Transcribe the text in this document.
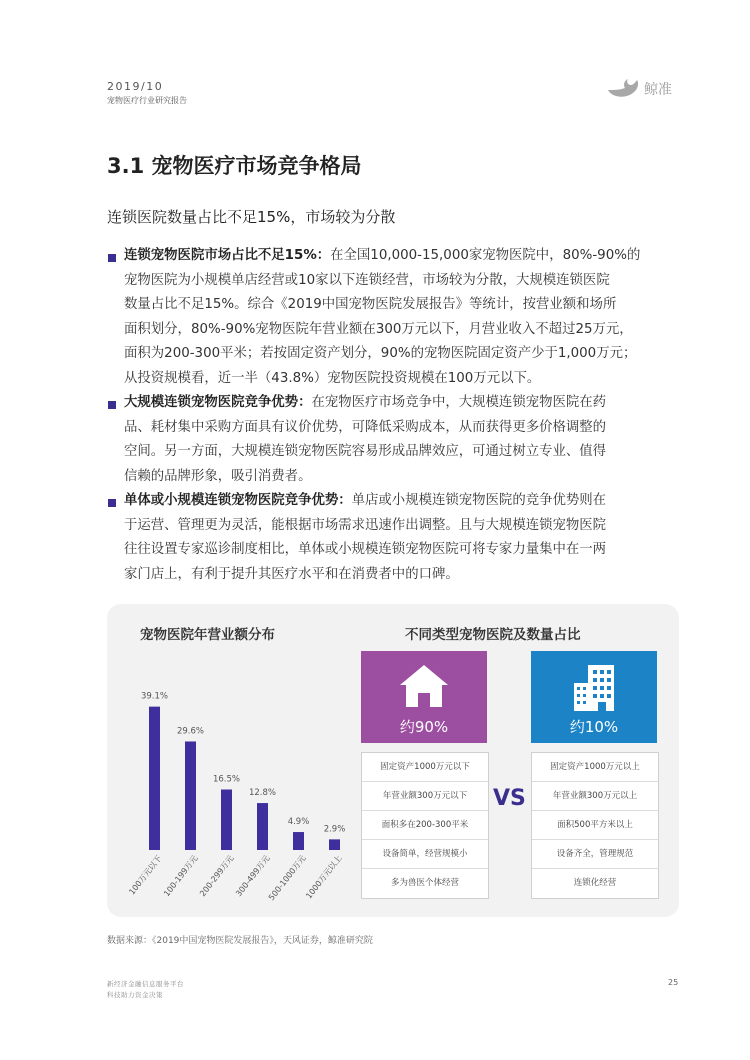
2019/10
宠物医疗行业研究报告
鲸准
3.1 宠物医疗市场竞争格局
连锁医院数量占比不足15%，市场较为分散
连锁宠物医院市场占比不足15%：在全国10,000-15,000家宠物医院中，80%-90%的
宠物医院为小规模单店经营或10家以下连锁经营，市场较为分散，大规模连锁医院
数量占比不足15%。综合《2019中国宠物医院发展报告》等统计，按营业额和场所
面积划分，80%-90%宠物医院年营业额在300万元以下，月营业收入不超过25万元，
面积为200-300平米；若按固定资产划分，90%的宠物医院固定资产少于1,000万元；
从投资规模看，近一半（43.8%）宠物医院投资规模在100万元以下。
大规模连锁宠物医院竞争优势：在宠物医疗市场竞争中，大规模连锁宠物医院在药
品、耗材集中采购方面具有议价优势，可降低采购成本，从而获得更多价格调整的
空间。另一方面，大规模连锁宠物医院容易形成品牌效应，可通过树立专业、值得
信赖的品牌形象，吸引消费者。
单体或小规模连锁宠物医院竞争优势：单店或小规模连锁宠物医院的竞争优势则在
于运营、管理更为灵活，能根据市场需求迅速作出调整。且与大规模连锁宠物医院
往往设置专家巡诊制度相比，单体或小规模连锁宠物医院可将专家力量集中在一两
家门店上，有利于提升其医疗水平和在消费者中的口碑。
宠物医院年营业额分布
39.1%
100万元以下
29.6%
100-199万元
16.5%
200-299万元
12.8%
300-499万元
4.9%
500-1000万元
2.9%
1000万元以上
不同类型宠物医院及数量占比
约90%	约10%
固定资产1000万元以下
年营业额300万元以下
面积多在200-300平米
设备简单，经营规模小
多为兽医个体经营
VS
固定资产1000万元以上
年营业额300万元以上
面积500平方米以上
设备齐全，管理规范
连锁化经营
数据来源：《2019中国宠物医院发展报告》，天风证券，鲸准研究院
新经济金融信息服务平台
科技助力资金决策
25
